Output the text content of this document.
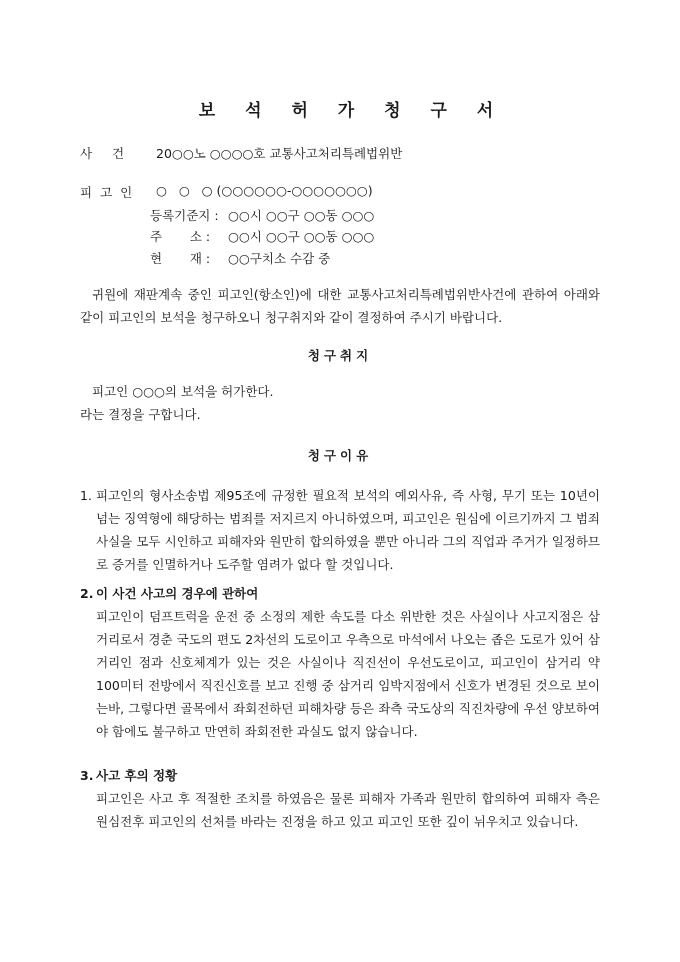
보 석 허 가 청 구 서
사     건	20○○노 ○○○○호 교통사고처리특례법위반
피고인 ○   ○   ○ (○○○○○○-○○○○○○○)
등록기준지 : ○○시 ○○구 ○○동 ○○○
주       소 : ○○시 ○○구 ○○동 ○○○
현       재 : ○○구치소 수감 중
귀원에 재판계속 중인 피고인(항소인)에 대한 교통사고처리특례법위반사건에 관하여 아래와 같이 피고인의 보석을 청구하오니 청구취지와 같이 결정하여 주시기 바랍니다.
청구취지
피고인 ○○○의 보석을 허가한다.
라는 결정을 구합니다.
청구이유
1. 피고인의 형사소송법 제95조에 규정한 필요적 보석의 예외사유, 즉 사형, 무기 또는 10년이 넘는 징역형에 해당하는 범죄를 저지르지 아니하였으며, 피고인은 원심에 이르기까지 그 범죄사실을 모두 시인하고 피해자와 원만히 합의하였을 뿐만 아니라 그의 직업과 주거가 일정하므로 증거를 인멸하거나 도주할 염려가 없다 할 것입니다.
2. 이 사건 사고의 경우에 관하여
피고인이 덤프트럭을 운전 중 소정의 제한 속도를 다소 위반한 것은 사실이나 사고지점은 삼거리로서 경춘 국도의 편도 2차선의 도로이고 우측으로 마석에서 나오는 좁은 도로가 있어 삼거리인 점과 신호체계가 있는 것은 사실이나 직진선이 우선도로이고, 피고인이 삼거리 약 100미터 전방에서 직진신호를 보고 진행 중 삼거리 임박지점에서 신호가 변경된 것으로 보이는바, 그렇다면 골목에서 좌회전하던 피해차량 등은 좌측 국도상의 직진차량에 우선 양보하여야 함에도 불구하고 만연히 좌회전한 과실도 없지 않습니다.
3. 사고 후의 정황
피고인은 사고 후 적절한 조치를 하였음은 물론 피해자 가족과 원만히 합의하여 피해자 측은 원심전후 피고인의 선처를 바라는 진정을 하고 있고 피고인 또한 깊이 뉘우치고 있습니다.
